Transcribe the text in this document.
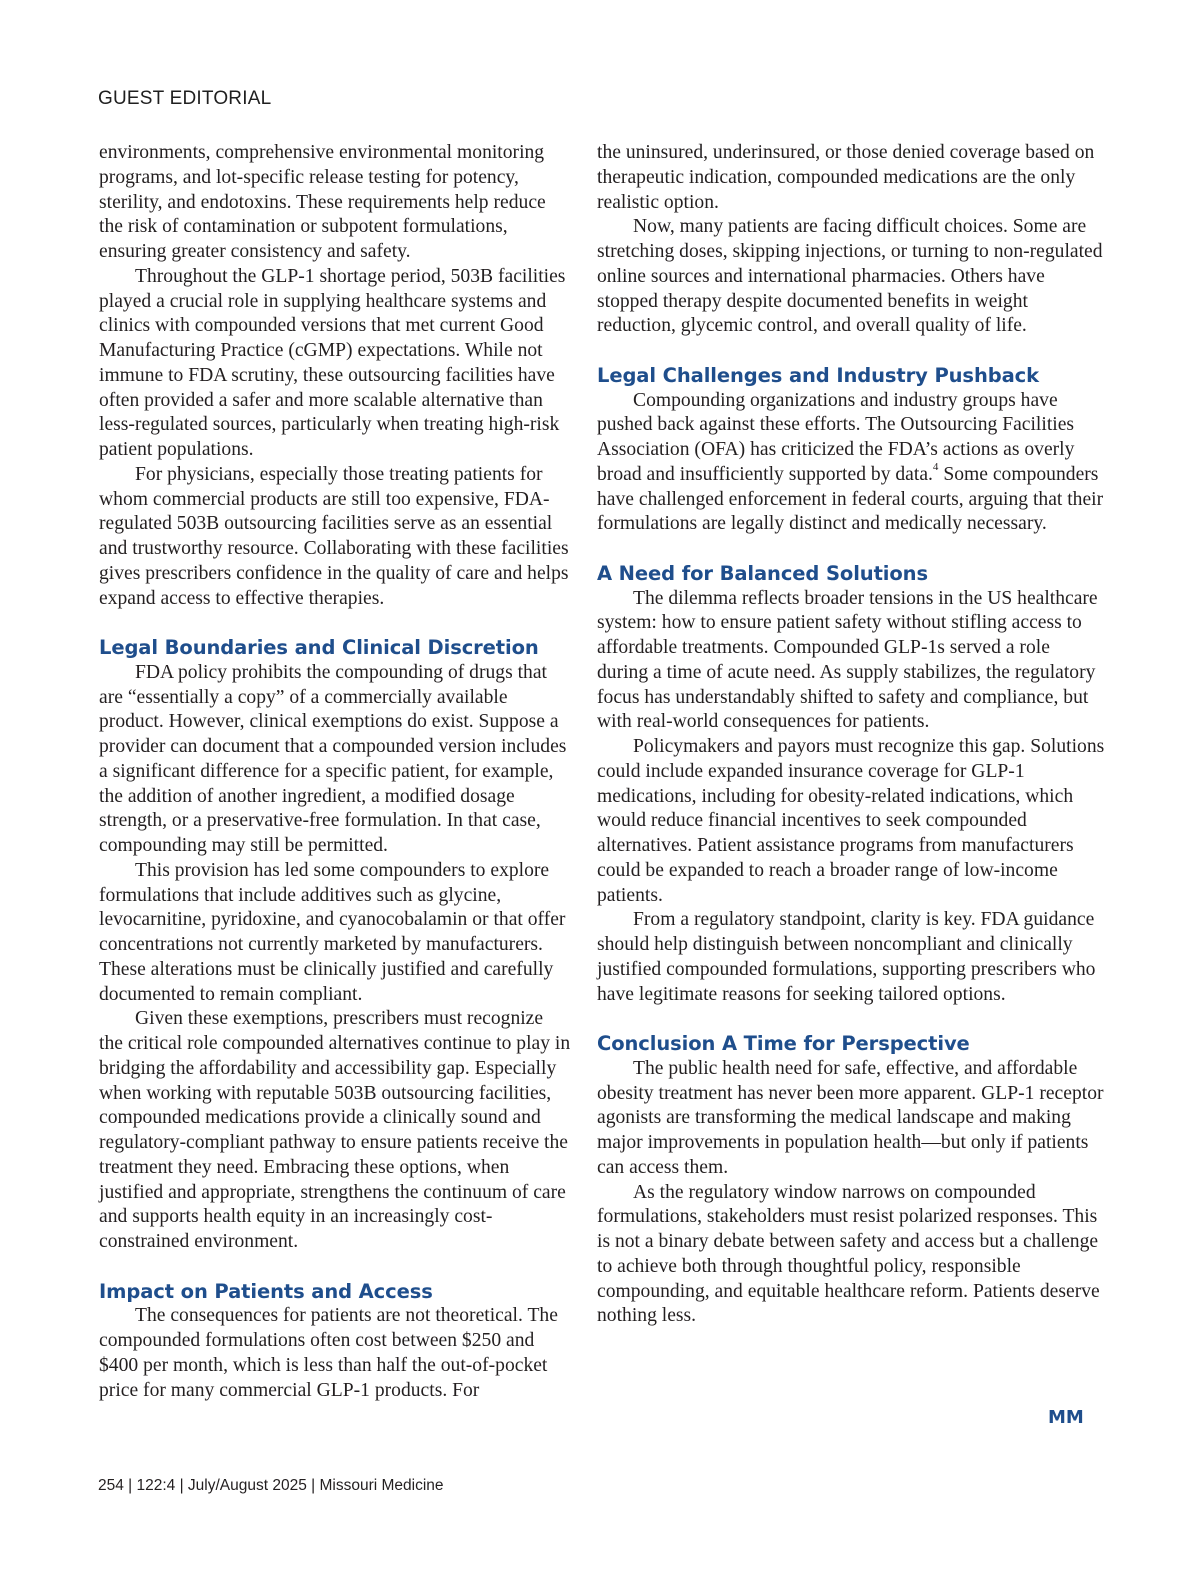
GUEST EDITORIAL

environments, comprehensive environmental monitoring programs, and lot-specific release testing for potency, sterility, and endotoxins. These requirements help reduce the risk of contamination or subpotent formulations, ensuring greater consistency and safety.

Throughout the GLP-1 shortage period, 503B facilities played a crucial role in supplying healthcare systems and clinics with compounded versions that met current Good Manufacturing Practice (cGMP) expectations. While not immune to FDA scrutiny, these outsourcing facilities have often provided a safer and more scalable alternative than less-regulated sources, particularly when treating high-risk patient populations.

For physicians, especially those treating patients for whom commercial products are still too expensive, FDA-regulated 503B outsourcing facilities serve as an essential and trustworthy resource. Collaborating with these facilities gives prescribers confidence in the quality of care and helps expand access to effective therapies.

Legal Boundaries and Clinical Discretion

FDA policy prohibits the compounding of drugs that are “essentially a copy” of a commercially available product. However, clinical exemptions do exist. Suppose a provider can document that a compounded version includes a significant difference for a specific patient, for example, the addition of another ingredient, a modified dosage strength, or a preservative-free formulation. In that case, compounding may still be permitted.

This provision has led some compounders to explore formulations that include additives such as glycine, levocarnitine, pyridoxine, and cyanocobalamin or that offer concentrations not currently marketed by manufacturers. These alterations must be clinically justified and carefully documented to remain compliant.

Given these exemptions, prescribers must recognize the critical role compounded alternatives continue to play in bridging the affordability and accessibility gap. Especially when working with reputable 503B outsourcing facilities, compounded medications provide a clinically sound and regulatory-compliant pathway to ensure patients receive the treatment they need. Embracing these options, when justified and appropriate, strengthens the continuum of care and supports health equity in an increasingly cost-constrained environment.

Impact on Patients and Access

The consequences for patients are not theoretical. The compounded formulations often cost between $250 and $400 per month, which is less than half the out-of-pocket price for many commercial GLP-1 products. For

the uninsured, underinsured, or those denied coverage based on therapeutic indication, compounded medications are the only realistic option.

Now, many patients are facing difficult choices. Some are stretching doses, skipping injections, or turning to non-regulated online sources and international pharmacies. Others have stopped therapy despite documented benefits in weight reduction, glycemic control, and overall quality of life.

Legal Challenges and Industry Pushback

Compounding organizations and industry groups have pushed back against these efforts. The Outsourcing Facilities Association (OFA) has criticized the FDA’s actions as overly broad and insufficiently supported by data.$^4$ Some compounders have challenged enforcement in federal courts, arguing that their formulations are legally distinct and medically necessary.

A Need for Balanced Solutions

The dilemma reflects broader tensions in the US healthcare system: how to ensure patient safety without stifling access to affordable treatments. Compounded GLP-1s served a role during a time of acute need. As supply stabilizes, the regulatory focus has understandably shifted to safety and compliance, but with real-world consequences for patients.

Policymakers and payors must recognize this gap. Solutions could include expanded insurance coverage for GLP-1 medications, including for obesity-related indications, which would reduce financial incentives to seek compounded alternatives. Patient assistance programs from manufacturers could be expanded to reach a broader range of low-income patients.

From a regulatory standpoint, clarity is key. FDA guidance should help distinguish between noncompliant and clinically justified compounded formulations, supporting prescribers who have legitimate reasons for seeking tailored options.

Conclusion A Time for Perspective

The public health need for safe, effective, and affordable obesity treatment has never been more apparent. GLP-1 receptor agonists are transforming the medical landscape and making major improvements in population health—but only if patients can access them.

As the regulatory window narrows on compounded formulations, stakeholders must resist polarized responses. This is not a binary debate between safety and access but a challenge to achieve both through thoughtful policy, responsible compounding, and equitable healthcare reform. Patients deserve nothing less.

MM
254 | 122:4 | July/August 2025 | Missouri Medicine
